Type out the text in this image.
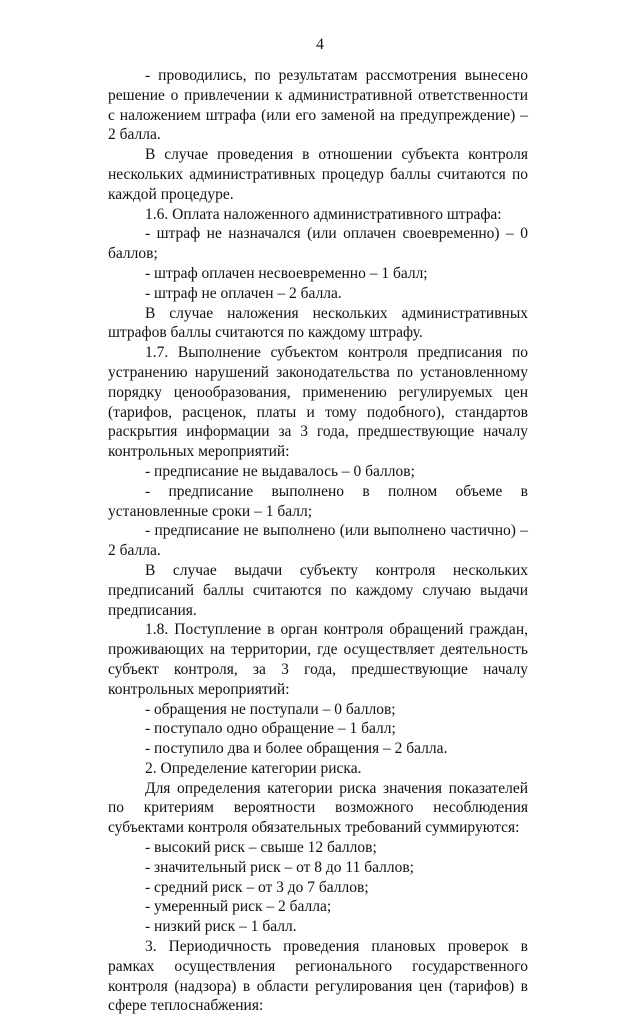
4

- проводились, по результатам рассмотрения вынесено решение о привлечении к административной ответственности с наложением штрафа (или его заменой на предупреждение) – 2 балла.

В случае проведения в отношении субъекта контроля нескольких административных процедур баллы считаются по каждой процедуре.

1.6. Оплата наложенного административного штрафа:

- штраф не назначался (или оплачен своевременно) – 0 баллов;

- штраф оплачен несвоевременно – 1 балл;

- штраф не оплачен – 2 балла.

В случае наложения нескольких административных штрафов баллы считаются по каждому штрафу.

1.7. Выполнение субъектом контроля предписания по устранению нарушений законодательства по установленному порядку ценообразования, применению регулируемых цен (тарифов, расценок, платы и тому подобного), стандартов раскрытия информации за 3 года, предшествующие началу контрольных мероприятий:

- предписание не выдавалось – 0 баллов;

- предписание выполнено в полном объеме в установленные сроки – 1 балл;

- предписание не выполнено (или выполнено частично) – 2 балла.

В случае выдачи субъекту контроля нескольких предписаний баллы считаются по каждому случаю выдачи предписания.

1.8. Поступление в орган контроля обращений граждан, проживающих на территории, где осуществляет деятельность субъект контроля, за 3 года, предшествующие началу контрольных мероприятий:

- обращения не поступали – 0 баллов;

- поступало одно обращение – 1 балл;

- поступило два и более обращения – 2 балла.

2. Определение категории риска.

Для определения категории риска значения показателей по критериям вероятности возможного несоблюдения субъектами контроля обязательных требований суммируются:

- высокий риск – свыше 12 баллов;

- значительный риск – от 8 до 11 баллов;

- средний риск – от 3 до 7 баллов;

- умеренный риск – 2 балла;

- низкий риск – 1 балл.

3. Периодичность проведения плановых проверок в рамках осуществления регионального государственного контроля (надзора) в области регулирования цен (тарифов) в сфере теплоснабжения:
